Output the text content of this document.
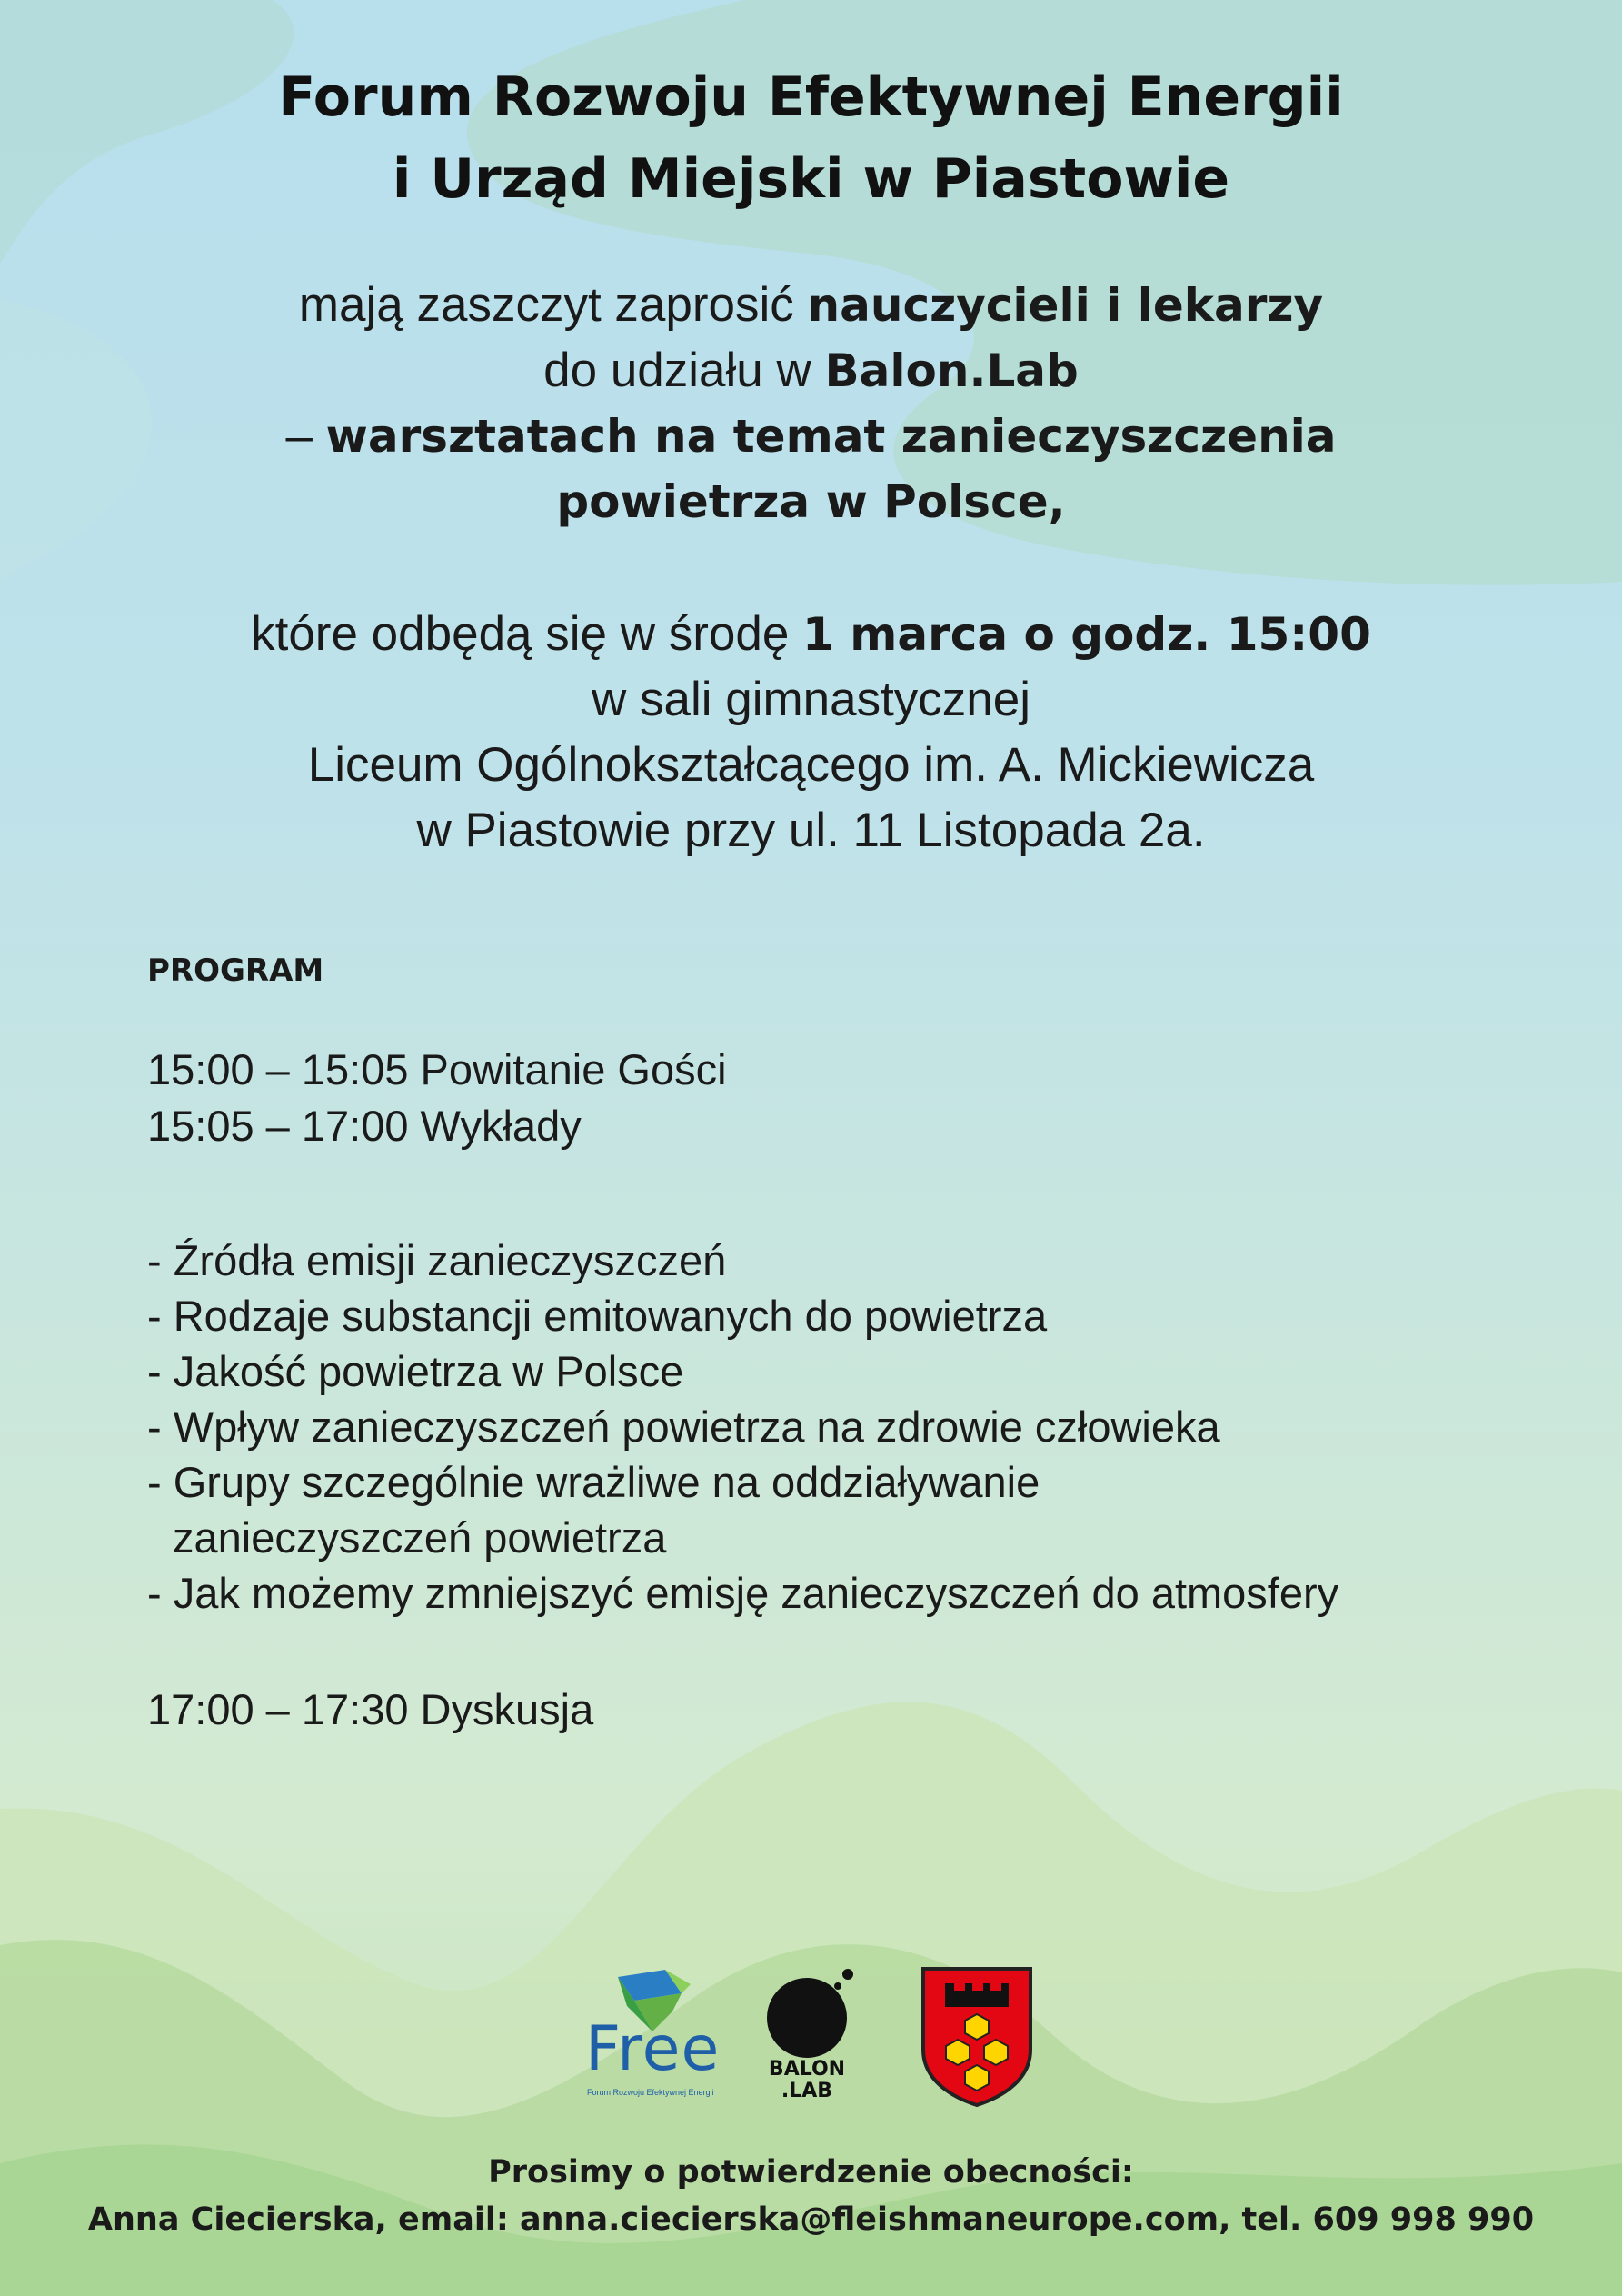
Forum Rozwoju Efektywnej Energii
i Urząd Miejski w Piastowie
mają zaszczyt zaprosić nauczycieli i lekarzy
do udziału w Balon.Lab
– warsztatach na temat zanieczyszczenia
powietrza w Polsce,
które odbędą się w środę 1 marca o godz. 15:00
w sali gimnastycznej
Liceum Ogólnokształcącego im. A. Mickiewicza
w Piastowie przy ul. 11 Listopada 2a.
PROGRAM
15:00 – 15:05 Powitanie Gości
15:05 – 17:00 Wykłady
- Źródła emisji zanieczyszczeń
- Rodzaje substancji emitowanych do powietrza
- Jakość powietrza w Polsce
- Wpływ zanieczyszczeń powietrza na zdrowie człowieka
- Grupy szczególnie wrażliwe na oddziaływanie
zanieczyszczeń powietrza
- Jak możemy zmniejszyć emisję zanieczyszczeń do atmosfery
17:00 – 17:30 Dyskusja
Free
Forum Rozwoju Efektywnej Energii
BALON
.LAB
Prosimy o potwierdzenie obecności:
Anna Ciecierska, email: anna.ciecierska@fleishmaneurope.com, tel. 609 998 990
